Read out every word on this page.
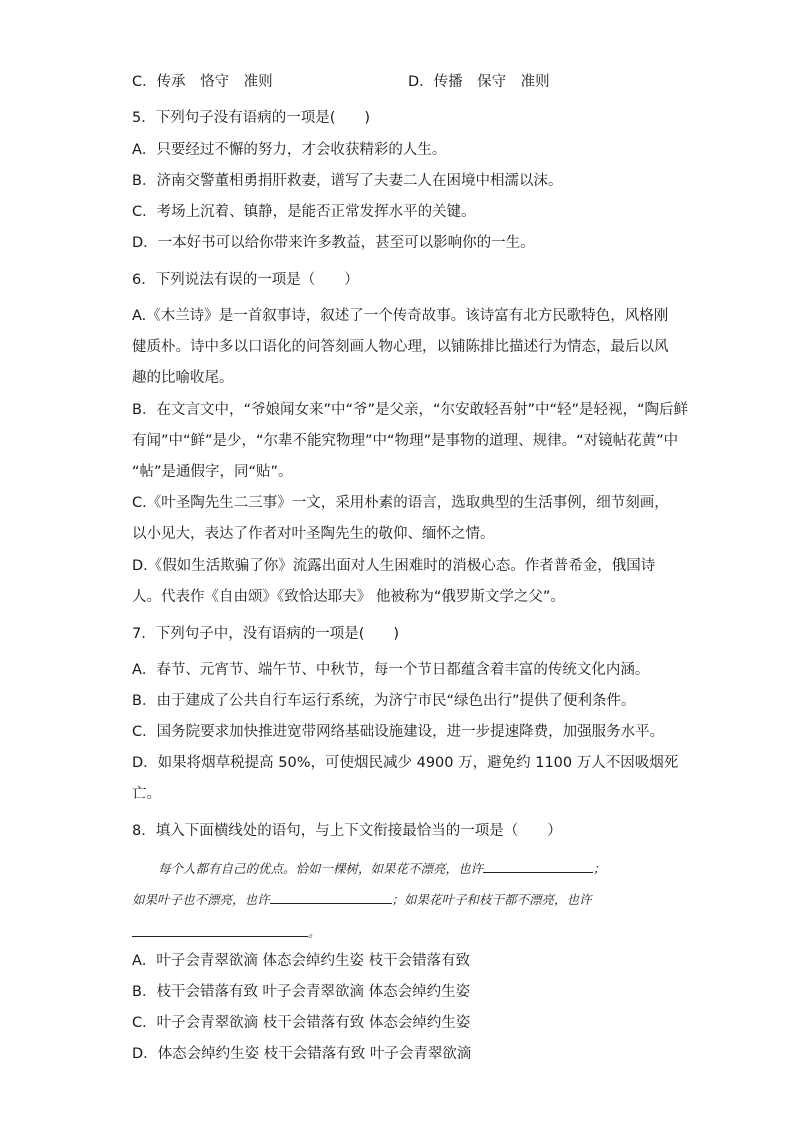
C．传承　恪守　准则	D．传播　保守　准则
5．下列句子没有语病的一项是(　　)
A．只要经过不懈的努力，才会收获精彩的人生。
B．济南交警董相勇捐肝救妻，谱写了夫妻二人在困境中相濡以沫。
C．考场上沉着、镇静，是能否正常发挥水平的关键。
D．一本好书可以给你带来许多教益，甚至可以影响你的一生。
6．下列说法有误的一项是（　　）
A.《木兰诗》是一首叙事诗，叙述了一个传奇故事。该诗富有北方民歌特色，风格刚
健质朴。诗中多以口语化的问答刻画人物心理，以铺陈排比描述行为情态，最后以风
趣的比喻收尾。
B．在文言文中，“爷娘闻女来”中“爷”是父亲，“尔安敢轻吾射”中“轻”是轻视，“陶后鲜
有闻”中“鲜”是少，“尔辈不能究物理”中“物理”是事物的道理、规律。“对镜帖花黄”中
“帖”是通假字，同“贴”。
C.《叶圣陶先生二三事》一文，采用朴素的语言，选取典型的生活事例，细节刻画，
以小见大，表达了作者对叶圣陶先生的敬仰、缅怀之情。
D.《假如生活欺骗了你》流露出面对人生困难时的消极心态。作者普希金，俄国诗
人。代表作《自由颂》《致恰达耶夫》 他被称为“俄罗斯文学之父”。
7．下列句子中，没有语病的一项是(　　)
A．春节、元宵节、端午节、中秋节，每一个节日都蕴含着丰富的传统文化内涵。
B．由于建成了公共自行车运行系统，为济宁市民“绿色出行”提供了便利条件。
C．国务院要求加快推进宽带网络基础设施建设，进一步提速降费，加强服务水平。
D．如果将烟草税提高 50%，可使烟民减少 4900 万，避免约 1100 万人不因吸烟死
亡。
8．填入下面横线处的语句，与上下文衔接最恰当的一项是（　　）
每个人都有自己的优点。恰如一棵树，如果花不漂亮，也许	；
如果叶子也不漂亮，也许	；如果花叶子和枝干都不漂亮，也许
。
A．叶子会青翠欲滴 体态会绰约生姿 枝干会错落有致
B．枝干会错落有致 叶子会青翠欲滴 体态会绰约生姿
C．叶子会青翠欲滴 枝干会错落有致 体态会绰约生姿
D．体态会绰约生姿 枝干会错落有致 叶子会青翠欲滴
